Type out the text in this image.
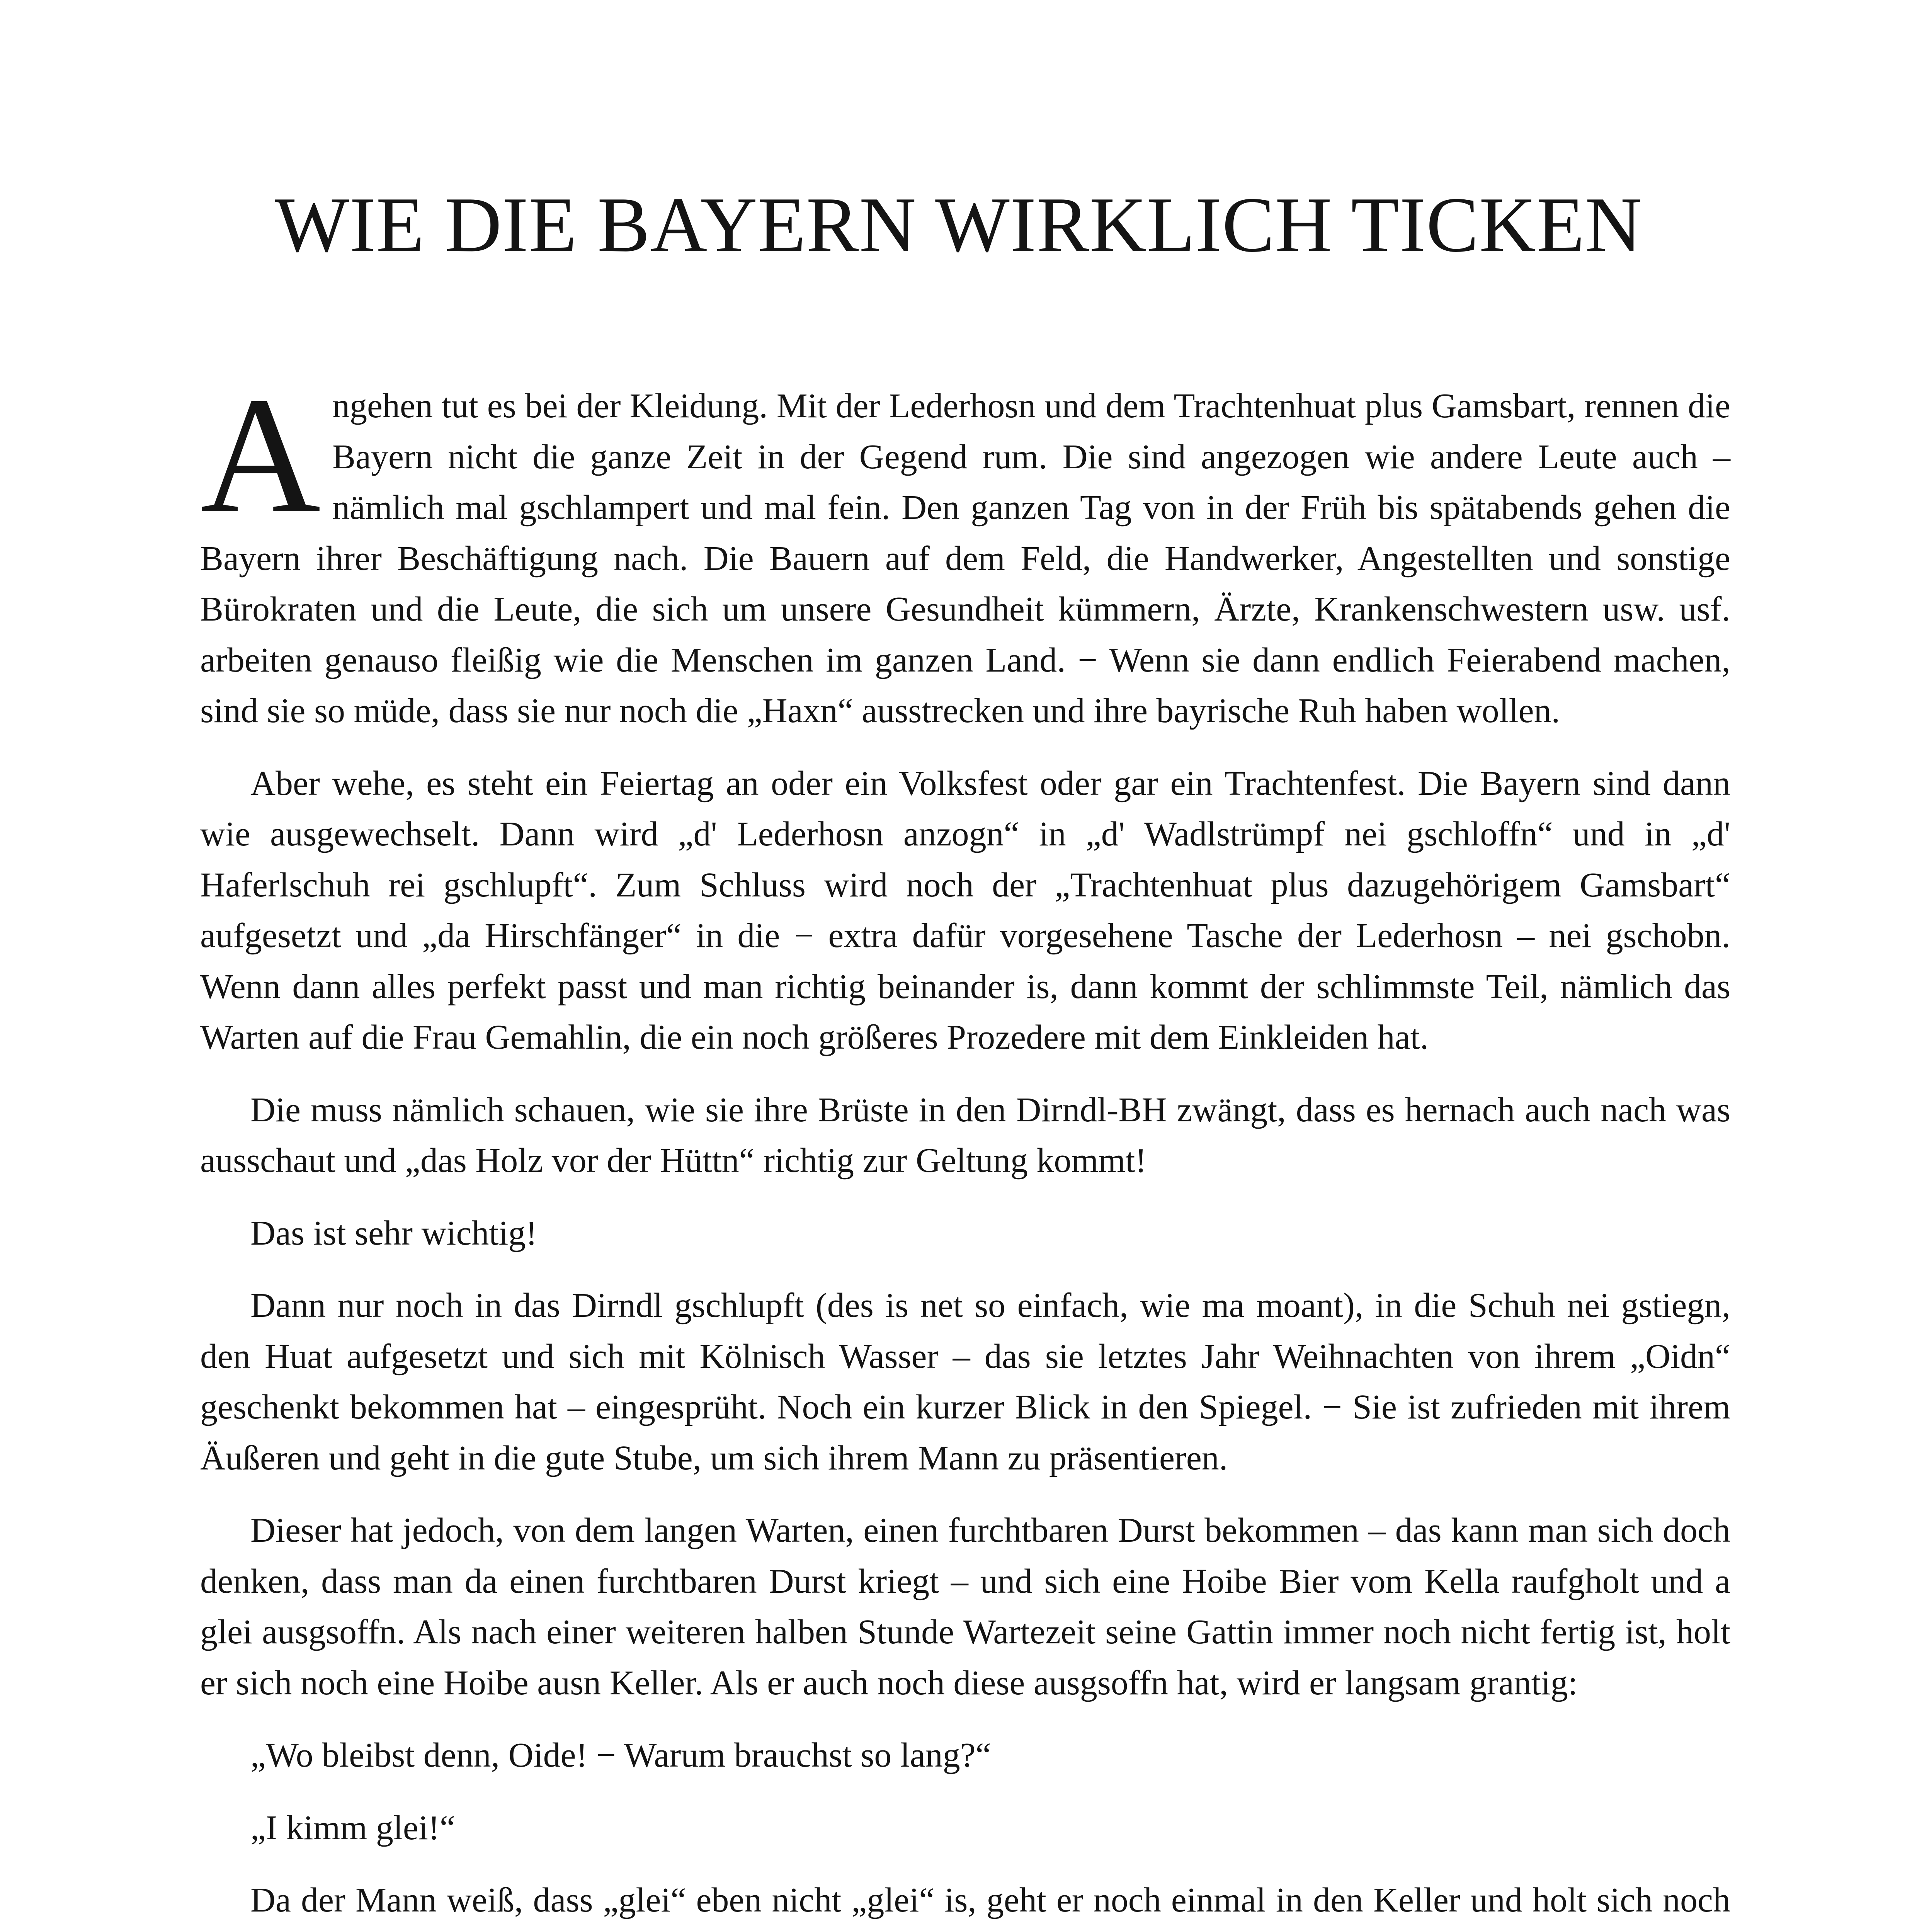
WIE DIE BAYERN WIRKLICH TICKEN

Angehen tut es bei der Kleidung. Mit der Lederhosn und dem Trachtenhuat plus Gamsbart, rennen die Bayern nicht die ganze Zeit in der Gegend rum. Die sind angezogen wie andere Leute auch – nämlich mal gschlampert und mal fein. Den ganzen Tag von in der Früh bis spätabends gehen die Bayern ihrer Beschäftigung nach. Die Bauern auf dem Feld, die Handwerker, Angestellten und sonstige Bürokraten und die Leute, die sich um unsere Gesundheit kümmern, Ärzte, Krankenschwestern usw. usf. arbeiten genauso fleißig wie die Menschen im ganzen Land. − Wenn sie dann endlich Feierabend machen, sind sie so müde, dass sie nur noch die „Haxn“ ausstrecken und ihre bayrische Ruh haben wollen.

Aber wehe, es steht ein Feiertag an oder ein Volksfest oder gar ein Trachtenfest. Die Bayern sind dann wie ausgewechselt. Dann wird „d' Lederhosn anzogn“ in „d' Wadlstrümpf nei gschloffn“ und in „d' Haferlschuh rei gschlupft“. Zum Schluss wird noch der „Trachtenhuat plus dazugehörigem Gamsbart“ aufgesetzt und „da Hirschfänger“ in die − extra dafür vorgesehene Tasche der Lederhosn – nei gschobn. Wenn dann alles perfekt passt und man richtig beinander is, dann kommt der schlimmste Teil, nämlich das Warten auf die Frau Gemahlin, die ein noch größeres Prozedere mit dem Einkleiden hat.

Die muss nämlich schauen, wie sie ihre Brüste in den Dirndl-BH zwängt, dass es hernach auch nach was ausschaut und „das Holz vor der Hüttn“ richtig zur Geltung kommt!

Das ist sehr wichtig!

Dann nur noch in das Dirndl gschlupft (des is net so einfach, wie ma moant), in die Schuh nei gstiegn, den Huat aufgesetzt und sich mit Kölnisch Wasser – das sie letztes Jahr Weihnachten von ihrem „Oidn“ geschenkt bekommen hat – eingesprüht. Noch ein kurzer Blick in den Spiegel. − Sie ist zufrieden mit ihrem Äußeren und geht in die gute Stube, um sich ihrem Mann zu präsentieren.

Dieser hat jedoch, von dem langen Warten, einen furchtbaren Durst bekommen – das kann man sich doch denken, dass man da einen furchtbaren Durst kriegt – und sich eine Hoibe Bier vom Kella raufgholt und a glei ausgsoffn. Als nach einer weiteren halben Stunde Wartezeit seine Gattin immer noch nicht fertig ist, holt er sich noch eine Hoibe ausn Keller. Als er auch noch diese ausgsoffn hat, wird er langsam grantig:

„Wo bleibst denn, Oide! − Warum brauchst so lang?“

„I kimm glei!“

Da der Mann weiß, dass „glei“ eben nicht „glei“ is, geht er noch einmal in den Keller und holt sich noch
